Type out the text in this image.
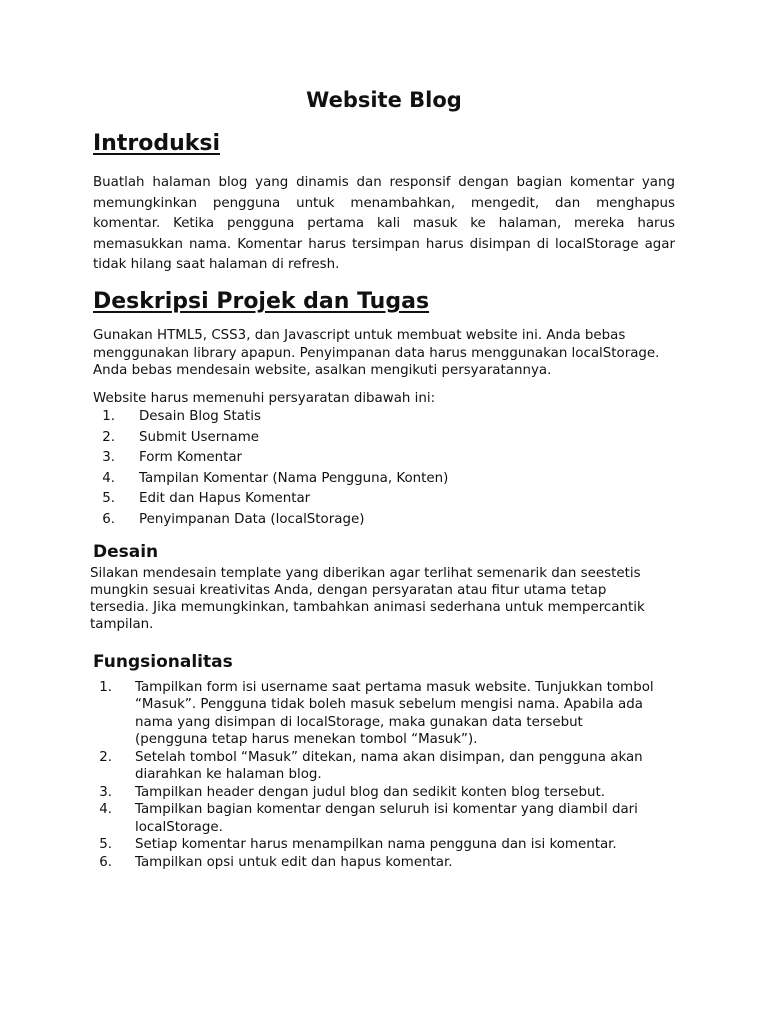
Website Blog
Introduksi

Buatlah halaman blog yang dinamis dan responsif dengan bagian komentar yang memungkinkan pengguna untuk menambahkan, mengedit, dan menghapus komentar. Ketika pengguna pertama kali masuk ke halaman, mereka harus memasukkan nama. Komentar harus tersimpan harus disimpan di localStorage agar tidak hilang saat halaman di refresh.

Deskripsi Projek dan Tugas

Gunakan HTML5, CSS3, dan Javascript untuk membuat website ini. Anda bebas
menggunakan library apapun. Penyimpanan data harus menggunakan localStorage.
Anda bebas mendesain website, asalkan mengikuti persyaratannya.

Website harus memenuhi persyaratan dibawah ini:

1. Desain Blog Statis
2. Submit Username
3. Form Komentar
4. Tampilan Komentar (Nama Pengguna, Konten)
5. Edit dan Hapus Komentar
6. Penyimpanan Data (localStorage)
Desain

Silakan mendesain template yang diberikan agar terlihat semenarik dan seestetis
mungkin sesuai kreativitas Anda, dengan persyaratan atau fitur utama tetap
tersedia. Jika memungkinkan, tambahkan animasi sederhana untuk mempercantik
tampilan.

Fungsionalitas
1. Tampilkan form isi username saat pertama masuk website. Tunjukkan tombol “Masuk”. Pengguna tidak boleh masuk sebelum mengisi nama. Apabila ada nama yang disimpan di localStorage, maka gunakan data tersebut (pengguna tetap harus menekan tombol “Masuk”).
2. Setelah tombol “Masuk” ditekan, nama akan disimpan, dan pengguna akan diarahkan ke halaman blog.
3. Tampilkan header dengan judul blog dan sedikit konten blog tersebut.
4. Tampilkan bagian komentar dengan seluruh isi komentar yang diambil dari localStorage.
5. Setiap komentar harus menampilkan nama pengguna dan isi komentar.
6. Tampilkan opsi untuk edit dan hapus komentar.
